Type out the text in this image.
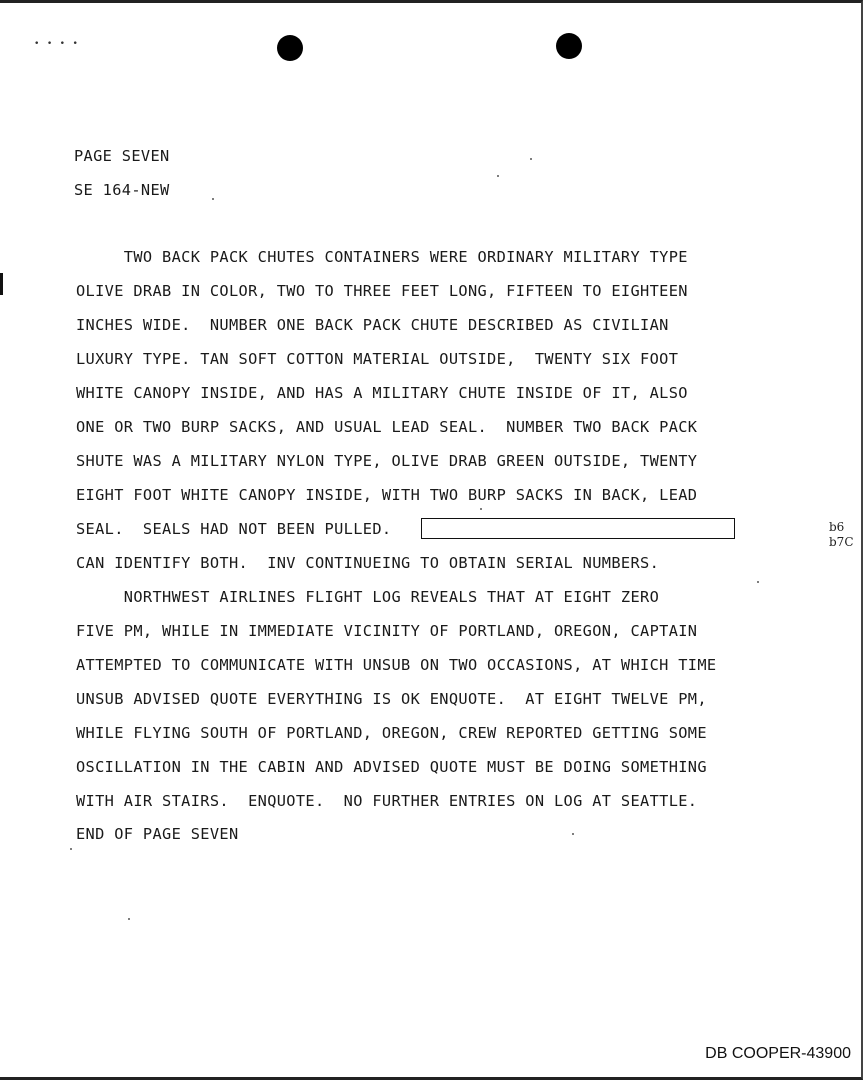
• • • •
PAGE SEVEN
SE 164-NEW
TWO BACK PACK CHUTES CONTAINERS WERE ORDINARY MILITARY TYPE
OLIVE DRAB IN COLOR, TWO TO THREE FEET LONG, FIFTEEN TO EIGHTEEN
INCHES WIDE.  NUMBER ONE BACK PACK CHUTE DESCRIBED AS CIVILIAN
LUXURY TYPE. TAN SOFT COTTON MATERIAL OUTSIDE,  TWENTY SIX FOOT
WHITE CANOPY INSIDE, AND HAS A MILITARY CHUTE INSIDE OF IT, ALSO
ONE OR TWO BURP SACKS, AND USUAL LEAD SEAL.  NUMBER TWO BACK PACK
SHUTE WAS A MILITARY NYLON TYPE, OLIVE DRAB GREEN OUTSIDE, TWENTY
EIGHT FOOT WHITE CANOPY INSIDE, WITH TWO BURP SACKS IN BACK, LEAD
SEAL.  SEALS HAD NOT BEEN PULLED.	b6
b7C
CAN IDENTIFY BOTH.  INV CONTINUEING TO OBTAIN SERIAL NUMBERS.
NORTHWEST AIRLINES FLIGHT LOG REVEALS THAT AT EIGHT ZERO
FIVE PM, WHILE IN IMMEDIATE VICINITY OF PORTLAND, OREGON, CAPTAIN
ATTEMPTED TO COMMUNICATE WITH UNSUB ON TWO OCCASIONS, AT WHICH TIME
UNSUB ADVISED QUOTE EVERYTHING IS OK ENQUOTE.  AT EIGHT TWELVE PM,
WHILE FLYING SOUTH OF PORTLAND, OREGON, CREW REPORTED GETTING SOME
OSCILLATION IN THE CABIN AND ADVISED QUOTE MUST BE DOING SOMETHING
WITH AIR STAIRS.  ENQUOTE.  NO FURTHER ENTRIES ON LOG AT SEATTLE.
END OF PAGE SEVEN
DB COOPER-43900
